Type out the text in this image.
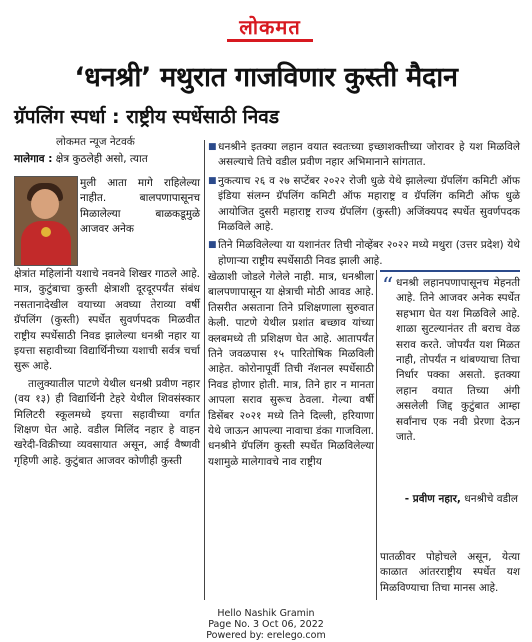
लोकमत
‘धनश्री’ मथुरात गाजविणार कुस्ती मैदान
ग्रॅपलिंग स्पर्धा : राष्ट्रीय स्पर्धेसाठी निवड
लोकमत न्यूज नेटवर्क
मालेगाव : क्षेत्र कुठलेही असो, त्यात
मुली आता मागे राहिलेल्या नाहीत. बालपणापासूनच मिळालेल्या बाळकडूमुळे आजवर अनेक

क्षेत्रांत महिलांनी यशाचे नवनवे शिखर गाठले आहे. मात्र, कुटुंबाचा कुस्ती क्षेत्राशी दूरदूरपर्यंत संबंध नसतानादेखील वयाच्या अवघ्या तेराव्या वर्षी ग्रॅपलिंग (कुस्ती) स्पर्धेत सुवर्णपदक मिळवीत राष्ट्रीय स्पर्धेसाठी निवड झालेल्या धनश्री नहार या इयत्ता सहावीच्या विद्यार्थिनीच्या यशाची सर्वत्र चर्चा सुरू आहे.

तालुक्यातील पाटणे येथील धनश्री प्रवीण नहार (वय १३) ही विद्यार्थिनी टेहरे येथील शिवसंस्कार मिलिटरी स्कूलमध्ये इयत्ता सहावीच्या वर्गात शिक्षण घेत आहे. वडील मिलिंद नहार हे वाहन खरेदी-विक्रीच्या व्यवसायात असून, आई वैष्णवी गृहिणी आहे. कुटुंबात आजवर कोणीही कुस्ती

■ धनश्रीने इतक्या लहान वयात स्वतःच्या इच्छाशक्तीच्या जोरावर हे यश मिळविले असल्याचे तिचे वडील प्रवीण नहार अभिमानाने सांगतात.
■ नुकत्याच २६ व २७ सप्टेंबर २०२२ रोजी धुळे येथे झालेल्या ग्रॅपलिंग कमिटी ऑफ इंडिया संलग्न ग्रॅपलिंग कमिटी ऑफ महाराष्ट्र व ग्रॅपलिंग कमिटी ऑफ धुळे आयोजित दुसरी महाराष्ट्र राज्य ग्रॅपलिंग (कुस्ती) अजिंक्यपद स्पर्धेत सुवर्णपदक मिळविले आहे.
■ तिने मिळविलेल्या या यशानंतर तिची नोव्हेंबर २०२२ मध्ये मथुरा (उत्तर प्रदेश) येथे होणाऱ्या राष्ट्रीय स्पर्धेसाठी निवड झाली आहे.

खेळाशी जोडले गेलेले नाही. मात्र, धनश्रीला बालपणापासून या क्षेत्राची मोठी आवड आहे. तिसरीत असताना तिने प्रशिक्षणाला सुरुवात केली. पाटणे येथील प्रशांत बच्छाव यांच्या क्लबमध्ये ती प्रशिक्षण घेत आहे. आतापर्यंत तिने जवळपास १५ पारितोषिक मिळविली आहेत. कोरोनापूर्वी तिची नॅशनल स्पर्धेसाठी निवड होणार होती. मात्र, तिने हार न मानता आपला सराव सुरूच ठेवला. गेल्या वर्षी डिसेंबर २०२१ मध्ये तिने दिल्ली, हरियाणा येथे जाऊन आपल्या नावाचा डंका गाजविला. धनश्रीने ग्रॅपलिंग कुस्ती स्पर्धेत मिळविलेल्या यशामुळे मालेगावचे नाव राष्ट्रीय

“ धनश्री लहानपणापासूनच मेहनती आहे. तिने आजवर अनेक स्पर्धेत सहभाग घेत यश मिळविले आहे. शाळा सुटल्यानंतर ती बराच वेळ सराव करते. जोपर्यंत यश मिळत नाही, तोपर्यंत न थांबण्याचा तिचा निर्धार पक्का असतो. इतक्या लहान वयात तिच्या अंगी असलेली जिद्द कुटुंबात आम्हा सर्वांनाच एक नवी प्रेरणा देऊन जाते.

- प्रवीण नहार, धनश्रीचे वडील

पातळीवर पोहोचले असून, येत्या काळात आंतरराष्ट्रीय स्पर्धेत यश मिळविण्याचा तिचा मानस आहे.

Hello Nashik Gramin
Page No. 3 Oct 06, 2022
Powered by: erelego.com
